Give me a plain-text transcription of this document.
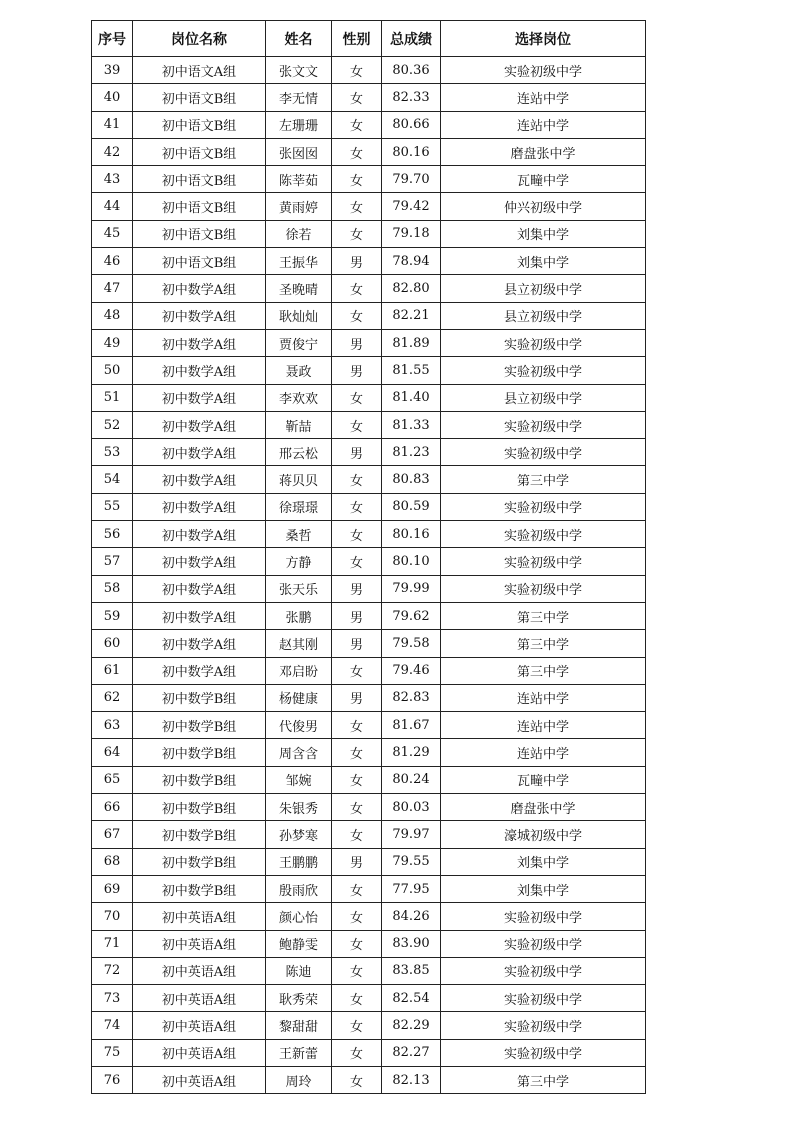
序号	岗位名称	姓名	性别	总成绩	选择岗位
39	初中语文A组	张文文	女	80.36	实验初级中学
40	初中语文B组	李无情	女	82.33	连站中学
41	初中语文B组	左珊珊	女	80.66	连站中学
42	初中语文B组	张囡囡	女	80.16	磨盘张中学
43	初中语文B组	陈莘茹	女	79.70	瓦疃中学
44	初中语文B组	黄雨婷	女	79.42	仲兴初级中学
45	初中语文B组	徐若	女	79.18	刘集中学
46	初中语文B组	王振华	男	78.94	刘集中学
47	初中数学A组	圣晚晴	女	82.80	县立初级中学
48	初中数学A组	耿灿灿	女	82.21	县立初级中学
49	初中数学A组	贾俊宁	男	81.89	实验初级中学
50	初中数学A组	聂政	男	81.55	实验初级中学
51	初中数学A组	李欢欢	女	81.40	县立初级中学
52	初中数学A组	靳喆	女	81.33	实验初级中学
53	初中数学A组	邢云松	男	81.23	实验初级中学
54	初中数学A组	蒋贝贝	女	80.83	第三中学
55	初中数学A组	徐璟璟	女	80.59	实验初级中学
56	初中数学A组	桑哲	女	80.16	实验初级中学
57	初中数学A组	方静	女	80.10	实验初级中学
58	初中数学A组	张天乐	男	79.99	实验初级中学
59	初中数学A组	张鹏	男	79.62	第三中学
60	初中数学A组	赵其刚	男	79.58	第三中学
61	初中数学A组	邓启盼	女	79.46	第三中学
62	初中数学B组	杨健康	男	82.83	连站中学
63	初中数学B组	代俊男	女	81.67	连站中学
64	初中数学B组	周含含	女	81.29	连站中学
65	初中数学B组	邹婉	女	80.24	瓦疃中学
66	初中数学B组	朱银秀	女	80.03	磨盘张中学
67	初中数学B组	孙梦寒	女	79.97	濠城初级中学
68	初中数学B组	王鹏鹏	男	79.55	刘集中学
69	初中数学B组	殷雨欣	女	77.95	刘集中学
70	初中英语A组	颜心怡	女	84.26	实验初级中学
71	初中英语A组	鲍静雯	女	83.90	实验初级中学
72	初中英语A组	陈迪	女	83.85	实验初级中学
73	初中英语A组	耿秀荣	女	82.54	实验初级中学
74	初中英语A组	黎甜甜	女	82.29	实验初级中学
75	初中英语A组	王新蕾	女	82.27	实验初级中学
76	初中英语A组	周玲	女	82.13	第三中学
